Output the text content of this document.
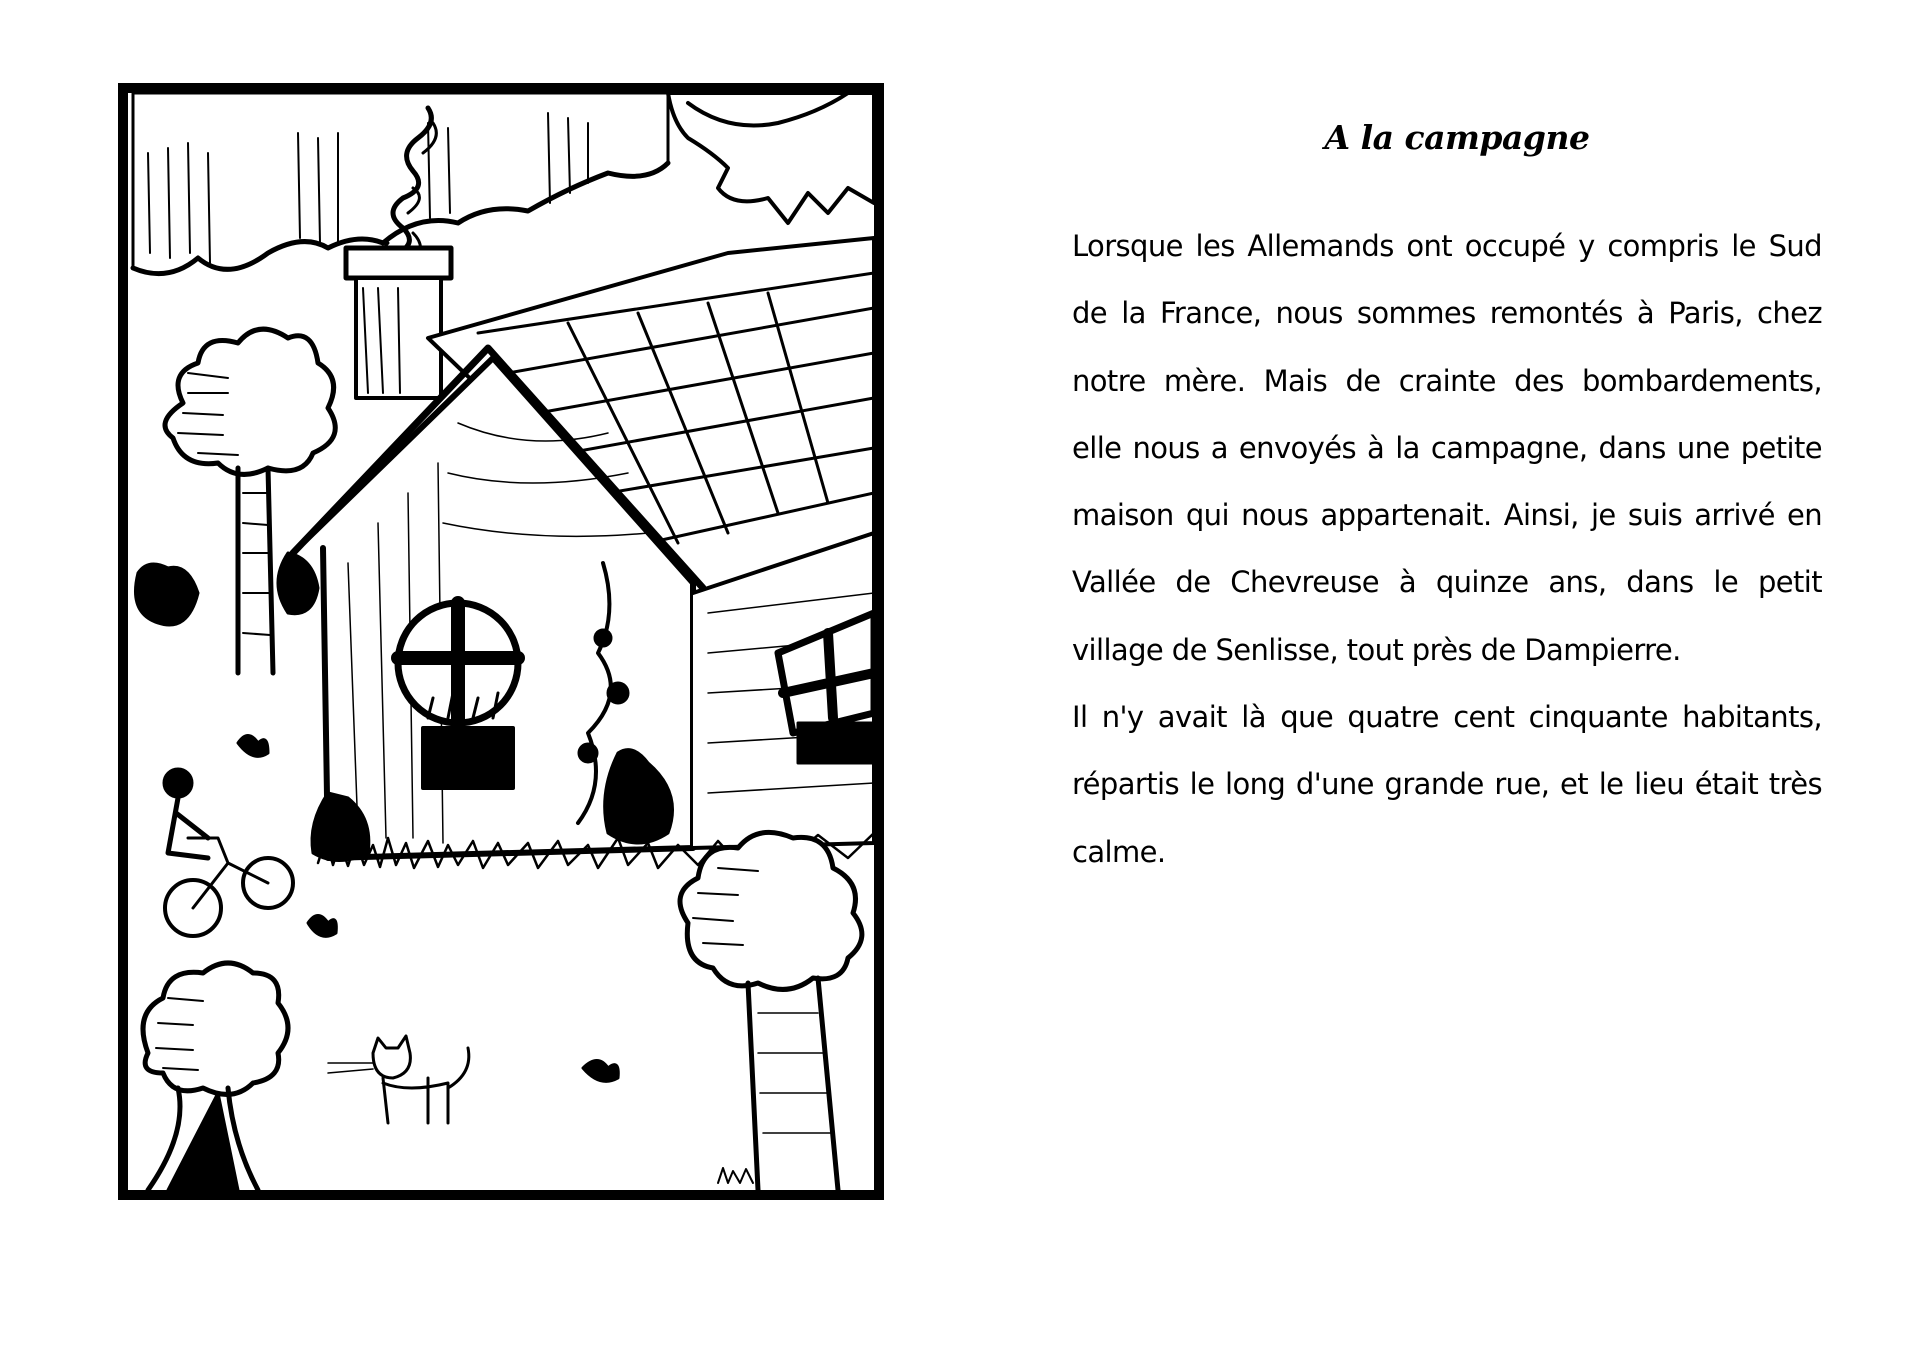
A la campagne

Lorsque les Allemands ont occupé y compris le Sud de la France, nous sommes remontés à Paris, chez notre mère. Mais de crainte des bombardements, elle nous a envoyés à la campagne, dans une petite maison qui nous appartenait. Ainsi, je suis arrivé en Vallée de Chevreuse à quinze ans, dans le petit village de Senlisse, tout près de Dampierre.

Il n'y avait là que quatre cent cinquante habitants, répartis le long d'une grande rue, et le lieu était très calme.
